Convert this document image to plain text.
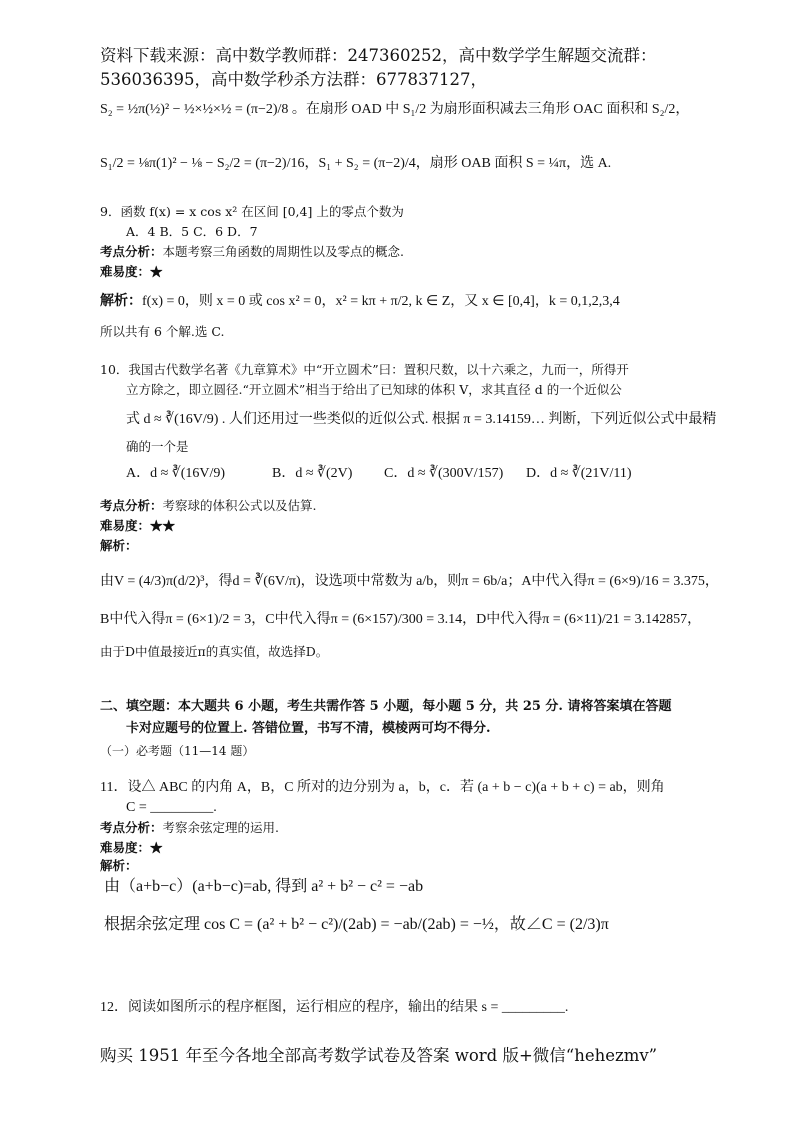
资料下载来源：高中数学教师群：247360252，高中数学学生解题交流群：
536036395，高中数学秒杀方法群：677837127，
S₂ = ½π(½)² − ½×½×½ = (π−2)/8 。在扇形 OAD 中 S₁/2 为扇形面积减去三角形 OAC 面积和 S₂/2，
S₁/2 = ⅛π(1)² − ⅛ − S₂/2 = (π−2)/16，S₁ + S₂ = (π−2)/4，扇形 OAB 面积 S = ¼π，选 A.
9．函数 f(x) = x cos x² 在区间 [0,4] 上的零点个数为
A．4 B．5 C．6 D．7
考点分析：本题考察三角函数的周期性以及零点的概念.
难易度：★
解析：f(x) = 0，则 x = 0 或 cos x² = 0，x² = kπ + π/2, k ∈ Z，又 x ∈ [0,4]，k = 0,1,2,3,4
所以共有 6 个解.选 C.
10．我国古代数学名著《九章算术》中“开立圆术”曰：置积尺数，以十六乘之，九而一，所得开
立方除之，即立圆径.“开立圆术”相当于给出了已知球的体积 V，求其直径 d 的一个近似公
式 d ≈ ∛(16V/9) . 人们还用过一些类似的近似公式. 根据 π = 3.14159… 判断，下列近似公式中最精
确的一个是
A．d ≈ ∛(16V/9)	B．d ≈ ∛(2V) C．d ≈ ∛(300V/157) D．d ≈ ∛(21V/11)
考点分析：考察球的体积公式以及估算.
难易度：★★
解析：
由V = (4/3)π(d/2)³，得d = ∛(6V/π)，设选项中常数为 a/b，则π = 6b/a；A中代入得π = (6×9)/16 = 3.375，
B中代入得π = (6×1)/2 = 3，C中代入得π = (6×157)/300 = 3.14，D中代入得π = (6×11)/21 = 3.142857，
由于D中值最接近π的真实值，故选择D。
二、填空题：本大题共 6 小题，考生共需作答 5 小题，每小题 5 分，共 25 分. 请将答案填在答题
卡对应题号的位置上. 答错位置，书写不清，模棱两可均不得分.
（一）必考题（11—14 题）
11．设△ ABC 的内角 A，B，C 所对的边分别为 a，b，c．若 (a + b − c)(a + b + c) = ab，则角
C = _________.
考点分析：考察余弦定理的运用.
难易度：★
解析：
由（a+b−c）(a+b−c)=ab, 得到 a² + b² − c² = −ab
根据余弦定理 cos C = (a² + b² − c²)/(2ab) = −ab/(2ab) = −½，故∠C = (2/3)π
12．阅读如图所示的程序框图，运行相应的程序，输出的结果 s = _________.
购买 1951 年至今各地全部高考数学试卷及答案 word 版+微信“hehezmv”
